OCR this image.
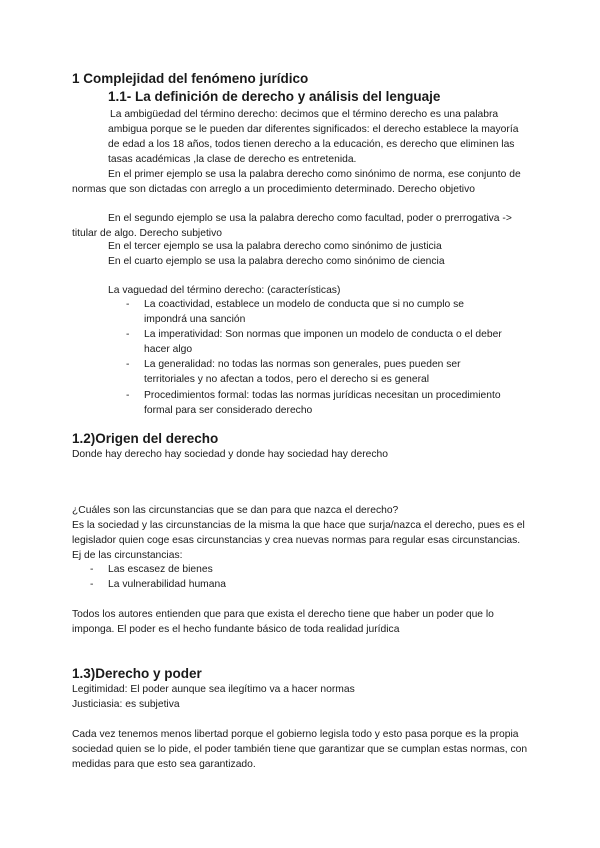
1 Complejidad del fenómeno jurídico
1.1- La definición de derecho y análisis del lenguaje
La ambigüedad del término derecho: decimos que el término derecho es una palabra ambigua porque se le pueden dar diferentes significados: el derecho establece la mayoría de edad a los 18 años, todos tienen derecho a la educación, es derecho que eliminen las tasas académicas ,la clase de derecho es entretenida.
En el primer ejemplo se usa la palabra derecho como sinónimo de norma, ese conjunto de normas que son dictadas con arreglo a un procedimiento determinado. Derecho objetivo
En el segundo ejemplo se usa la palabra derecho como facultad, poder o prerrogativa -> titular de algo. Derecho subjetivo
En el tercer ejemplo se usa la palabra derecho como sinónimo de justicia
En el cuarto ejemplo se usa la palabra derecho como sinónimo de ciencia
La vaguedad del término derecho: (características)
- La coactividad, establece un modelo de conducta que si no cumplo se impondrá una sanción
- La imperatividad: Son normas que imponen un modelo de conducta o el deber hacer algo
- La generalidad: no todas las normas son generales, pues pueden ser territoriales y no afectan a todos, pero el derecho si es general
- Procedimientos formal: todas las normas jurídicas necesitan un procedimiento formal para ser considerado derecho
1.2)Origen del derecho
Donde hay derecho hay sociedad y donde hay sociedad hay derecho
¿Cuáles son las circunstancias que se dan para que nazca el derecho?
Es la sociedad y las circunstancias de la misma la que hace que surja/nazca el derecho, pues es el legislador quien coge esas circunstancias y crea nuevas normas para regular esas circunstancias. Ej de las circunstancias:
- Las escasez de bienes
- La vulnerabilidad humana
Todos los autores entienden que para que exista el derecho tiene que haber un poder que lo imponga. El poder es el hecho fundante básico de toda realidad jurídica
1.3)Derecho y poder
Legitimidad: El poder aunque sea ilegítimo va a hacer normas
Justiciasia: es subjetiva
Cada vez tenemos menos libertad porque el gobierno legisla todo y esto pasa porque es la propia sociedad quien se lo pide, el poder también tiene que garantizar que se cumplan estas normas, con medidas para que esto sea garantizado.
